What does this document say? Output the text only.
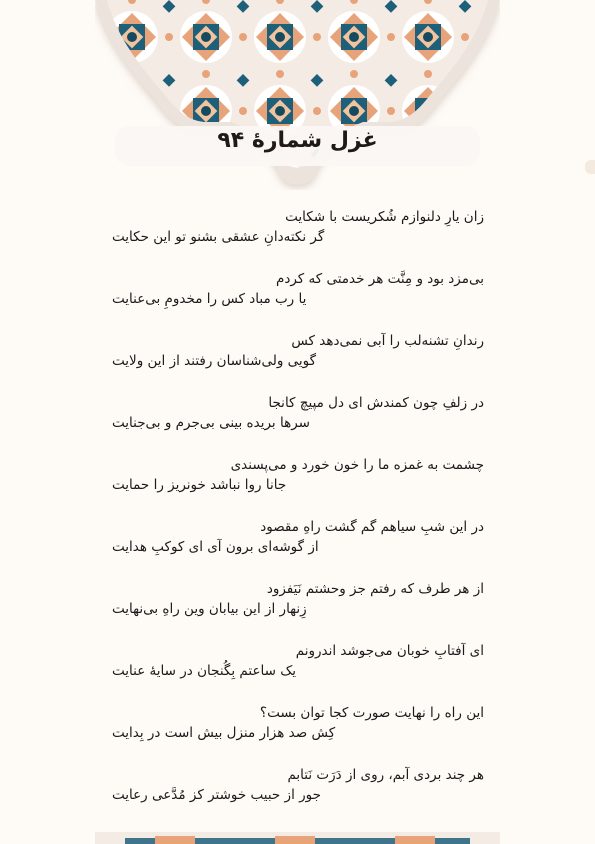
غزل شمارهٔ ۹۴
زان یارِ دلنوازم شُکریست با شکایت
گر نکته‌دانِ عشقی بشنو تو این حکایت
بی‌مزد بود و مِنَّت هر خدمتی که کردم
یا رب مباد کس را مخدومِ بی‌عنایت
رندانِ تشنه‌لب را آبی نمی‌دهد کس
گویی ولی‌شناسان رفتند از این ولایت
در زلفِ چون کمندش ای دل مپیچ کانجا
سرها بریده بینی بی‌جرم و بی‌جنایت
چشمت به غمزه ما را خون خورد و می‌پسندی
جانا روا نباشد خونریز را حمایت
در این شبِ سیاهم گم گشت راهِ مقصود
از گوشه‌ای برون آی ای کوکبِ هدایت
از هر طرف که رفتم جز وحشتم نَیَفزود
زِنهار از این بیابان وین راهِ بی‌نهایت
ای آفتابِ خوبان می‌جوشد اندرونم
یک ساعتم بِگُنجان در سایهٔ عنایت
این راه را نهایت صورت کجا توان بست؟
کِش صد هزار منزل بیش است در بِدایت
هر چند بردی آبم، روی از دَرَت نَتابم
جور از حبیب خوشتر کز مُدَّعی رعایت
